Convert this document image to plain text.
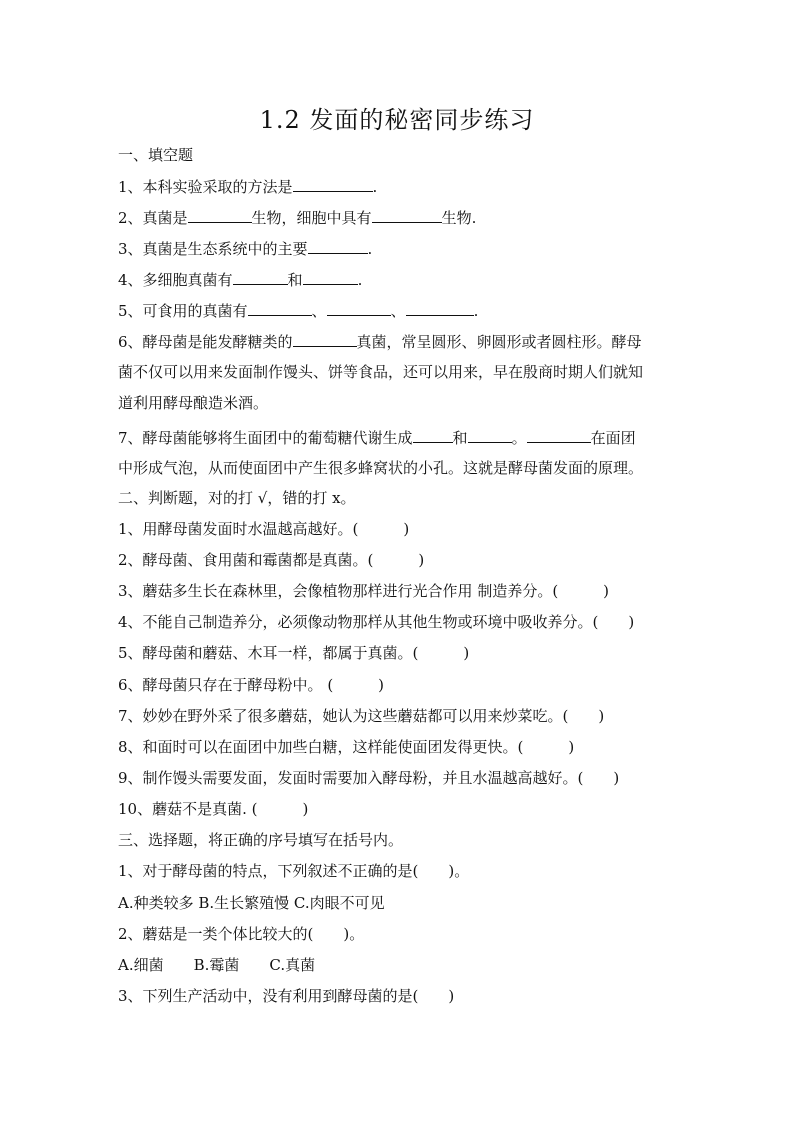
1.2 发面的秘密同步练习
一、填空题
1、本科实验采取的方法是	.
2、真菌是	生物，细胞中具有	生物.
3、真菌是生态系统中的主要	.
4、多细胞真菌有	和	.
5、可食用的真菌有	、	、	.
6、酵母菌是能发酵糖类的	真菌，常呈圆形、卵圆形或者圆柱形。酵母
菌不仅可以用来发面制作馒头、饼等食品，还可以用来，早在殷商时期人们就知
道利用酵母酿造米酒。
7、酵母菌能够将生面团中的葡萄糖代谢生成	和	。	在面团
中形成气泡，从而使面团中产生很多蜂窝状的小孔。这就是酵母菌发面的原理。
二、判断题，对的打 √，错的打 x。
1、用酵母菌发面时水温越高越好。(　　　)
2、酵母菌、食用菌和霉菌都是真菌。(　　　)
3、蘑菇多生长在森林里，会像植物那样进行光合作用 制造养分。(　　　)
4、不能自己制造养分，必须像动物那样从其他生物或环境中吸收养分。(　　)
5、酵母菌和蘑菇、木耳一样，都属于真菌。(　　　)
6、酵母菌只存在于酵母粉中。 (　　　)
7、妙妙在野外采了很多蘑菇，她认为这些蘑菇都可以用来炒菜吃。(　　)
8、和面时可以在面团中加些白糖，这样能使面团发得更快。(　　　)
9、制作馒头需要发面，发面时需要加入酵母粉，并且水温越高越好。(　　)
10、蘑菇不是真菌. (　　　)
三、选择题，将正确的序号填写在括号内。
1、对于酵母菌的特点，下列叙述不正确的是(　　)。
A.种类较多 B.生长繁殖慢 C.肉眼不可见
2、蘑菇是一类个体比较大的(　　)。
A.细菌　　B.霉菌　　C.真菌
3、下列生产活动中，没有利用到酵母菌的是(　　)
